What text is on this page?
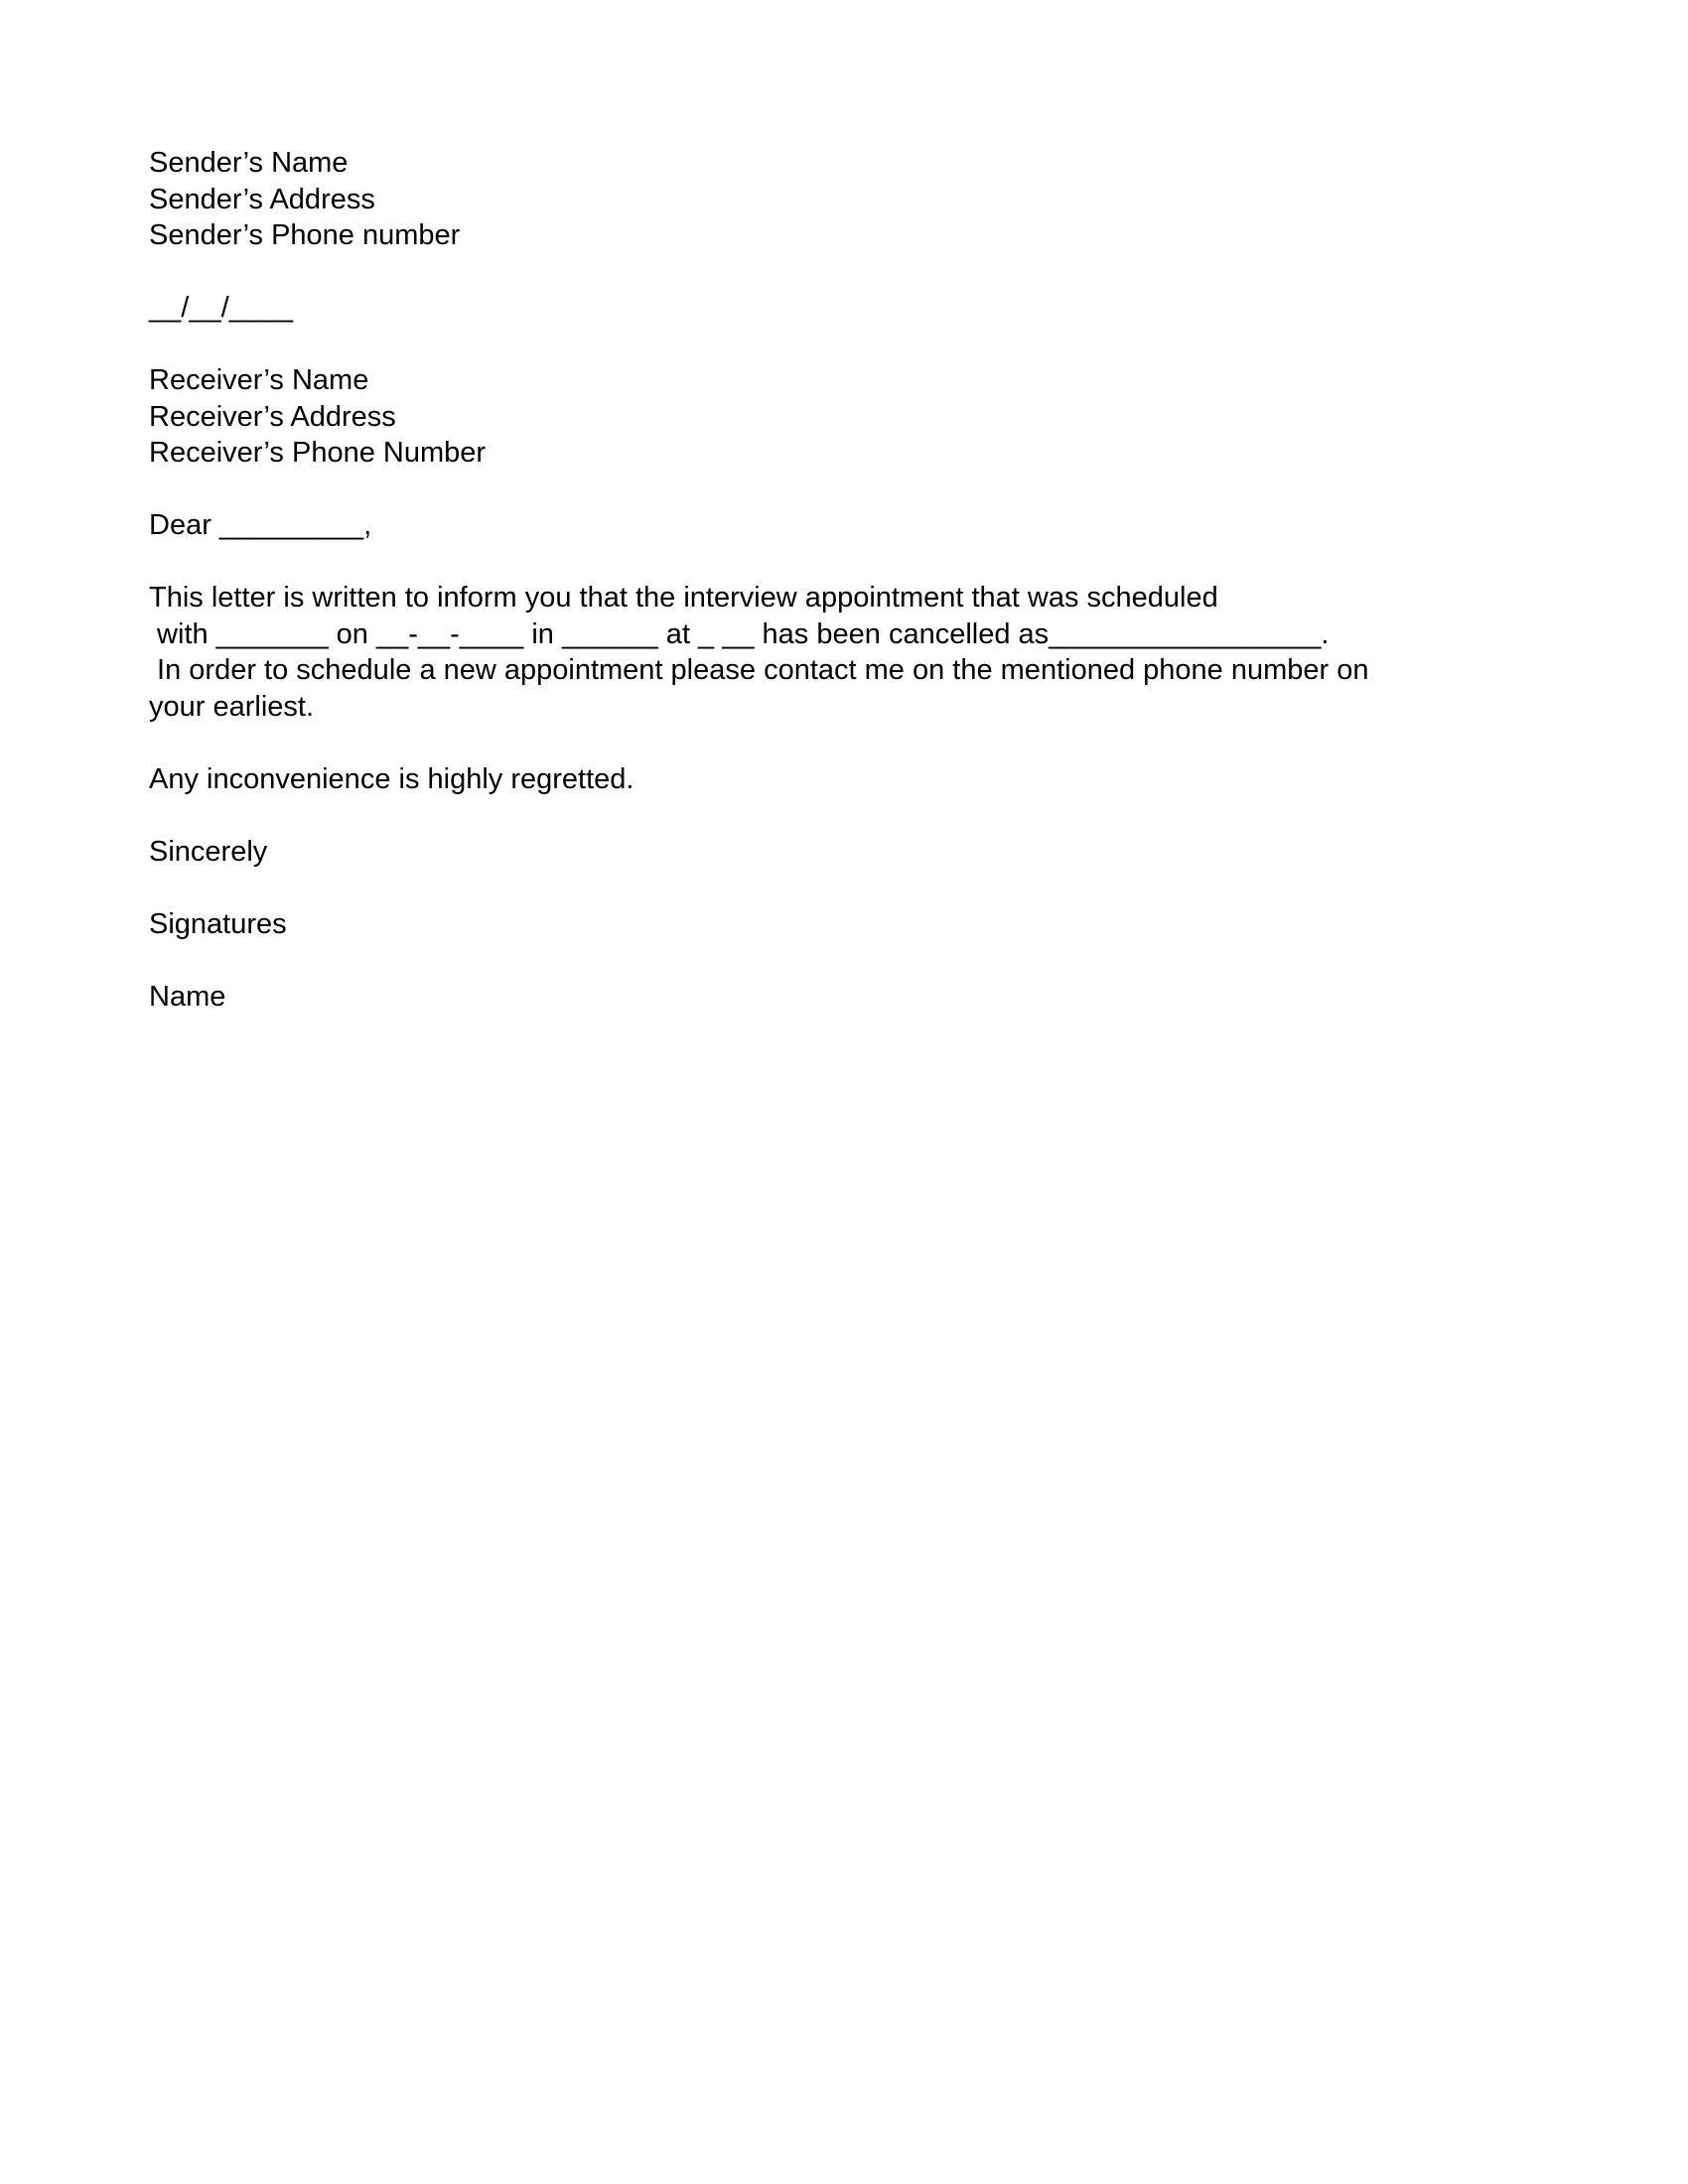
Sender’s Name
Sender’s Address
Sender’s Phone number
__/__/____
Receiver’s Name
Receiver’s Address
Receiver’s Phone Number
Dear _________,
This letter is written to inform you that the interview appointment that was scheduled
with _______ on __-__-____ in ______ at _ __ has been cancelled as_________________.
In order to schedule a new appointment please contact me on the mentioned phone number on
your earliest.
Any inconvenience is highly regretted.
Sincerely
Signatures
Name
